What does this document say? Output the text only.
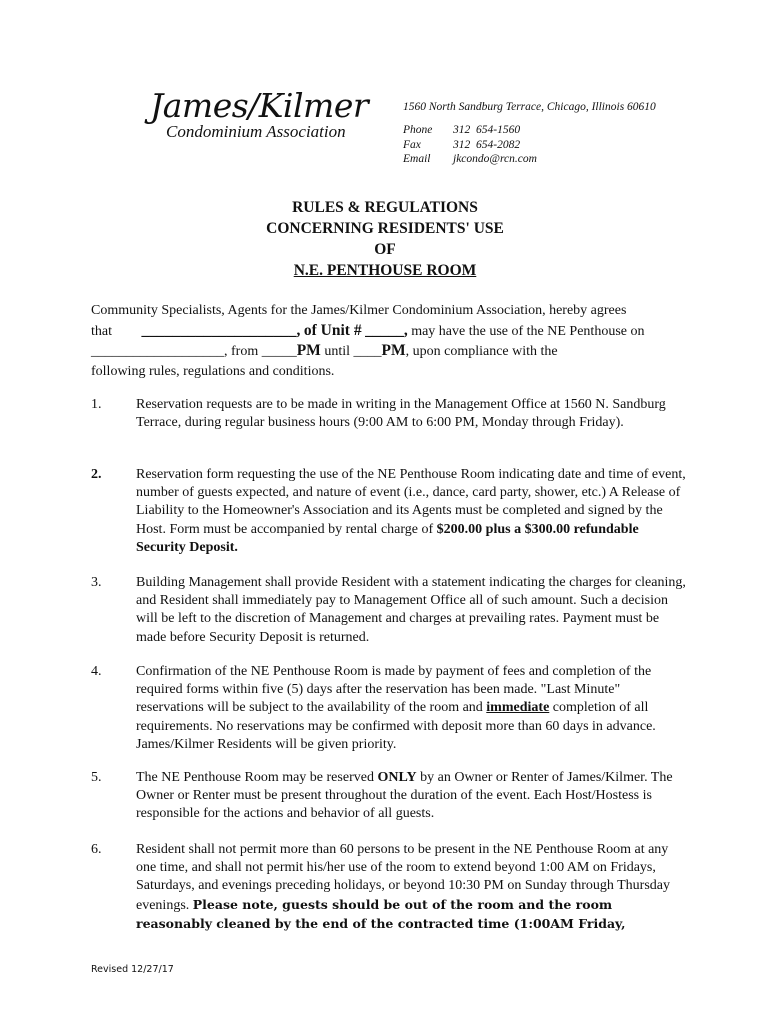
James/Kilmer
Condominium Association
1560 North Sandburg Terrace, Chicago, Illinois 60610
Phone	312  654-1560
Fax	312  654-2082
Email	jkcondo@rcn.com
RULES & REGULATIONS
CONCERNING RESIDENTS' USE
OF
N.E. PENTHOUSE ROOM
Community Specialists, Agents for the James/Kilmer Condominium Association, hereby agrees
that ____________________, of Unit # _____, may have the use of the NE Penthouse on
___________________, from _____PM until ____PM, upon compliance with the
following rules, regulations and conditions.
1. Reservation requests are to be made in writing in the Management Office at 1560 N. Sandburg Terrace, during regular business hours (9:00 AM to 6:00 PM, Monday through Friday).
2. Reservation form requesting the use of the NE Penthouse Room indicating date and time of event, number of guests expected, and nature of event (i.e., dance, card party, shower, etc.) A Release of Liability to the Homeowner's Association and its Agents must be completed and signed by the Host. Form must be accompanied by rental charge of $200.00 plus a $300.00 refundable Security Deposit.
3. Building Management shall provide Resident with a statement indicating the charges for cleaning, and Resident shall immediately pay to Management Office all of such amount. Such a decision will be left to the discretion of Management and charges at prevailing rates. Payment must be made before Security Deposit is returned.
4. Confirmation of the NE Penthouse Room is made by payment of fees and completion of the required forms within five (5) days after the reservation has been made. "Last Minute" reservations will be subject to the availability of the room and immediate completion of all requirements. No reservations may be confirmed with deposit more than 60 days in advance. James/Kilmer Residents will be given priority.
5. The NE Penthouse Room may be reserved ONLY by an Owner or Renter of James/Kilmer. The Owner or Renter must be present throughout the duration of the event. Each Host/Hostess is responsible for the actions and behavior of all guests.
6. Resident shall not permit more than 60 persons to be present in the NE Penthouse Room at any one time, and shall not permit his/her use of the room to extend beyond 1:00 AM on Fridays, Saturdays, and evenings preceding holidays, or beyond 10:30 PM on Sunday through Thursday evenings. Please note, guests should be out of the room and the room reasonably cleaned by the end of the contracted time (1:00AM Friday,
Revised 12/27/17
